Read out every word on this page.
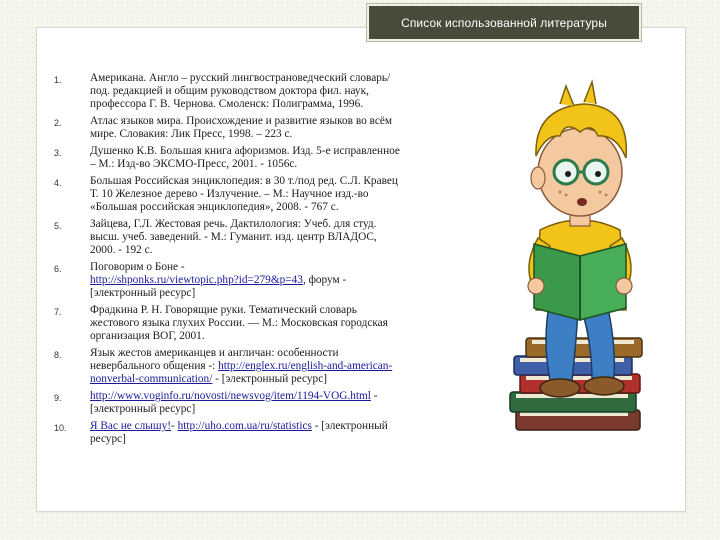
Список использованной литературы
1.	Американа. Англо – русский лингвострановедческий словарь/
под. редакцией и общим руководством доктора фил. наук,
профессора Г. В. Чернова. Смоленск: Полиграмма, 1996.
2.	Атлас языков мира. Происхождение и развитие языков во всём
мире. Словакия: Лик Пресс, 1998. – 223 с.
3.	Душенко К.В. Большая книга афоризмов. Изд. 5-е исправленное
– М.: Изд-во ЭКСМО-Пресс, 2001. - 1056с.
4.	Большая Российская энциклопедия: в 30 т./под ред. С.Л. Кравец
Т. 10 Железное дерево - Излучение. – М.: Научное изд.-во
«Большая российская энциклопедия», 2008. - 767 с.
5.	Зайцева, Г.Л. Жестовая речь. Дактилология: Учеб. для студ.
высш. учеб. заведений. - М.: Гуманит. изд. центр ВЛАДОС,
2000. - 192 с.
6.	Поговорим о Боне -
http://shponks.ru/viewtopic.php?id=279&p=43, форум -
[электронный ресурс]
7.	Фрадкина Р. Н. Говорящие руки. Тематический словарь
жестового языка глухих России. — М.: Московская городская
организация ВОГ, 2001.
8.	Язык жестов американцев и англичан: особенности
невербального общения -: http://englex.ru/english-and-american-
nonverbal-communication/ - [электронный ресурс]
9.	http://www.voginfo.ru/novosti/newsvog/item/1194-VOG.html -
[электронный ресурс]
10. Я Вас не слышу!- http://uho.com.ua/ru/statistics - [электронный
ресурс]
